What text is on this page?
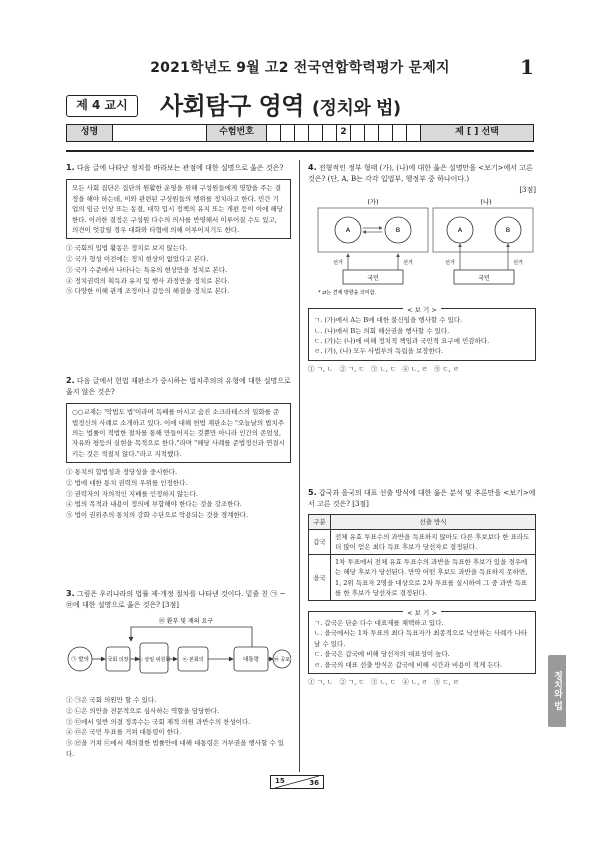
2021학년도 9월 고2 전국연합학력평가 문제지	1
제 4 교시	사회탐구 영역 (정치와 법)
성명	수험번호	2	제 [ ] 선택
1. 다음 글에 나타난 정치를 바라보는 관점에 대한 설명으로 옳은 것은?
모든 사회 집단은 집단의 원활한 운영을 위해 구성원들에게 영향을 주는 결정을 해야 하는데, 이와 관련된 구성원들의 행위를 정치라고 한다. 민간 기업의 임금 인상 또는 동결, 대학 입시 정책의 유지 또는 개편 등이 이에 해당한다. 이러한 결정은 구성원 다수의 의사를 반영해서 이루어질 수도 있고, 의견이 엇갈릴 경우 대화와 타협에 의해 이루어지기도 한다.
① 국회의 입법 활동은 정치로 보지 않는다.
② 국가 형성 이전에는 정치 현상이 없었다고 본다.
③ 국가 수준에서 나타나는 특유의 현상만을 정치로 본다.
④ 정치권력의 획득과 유지 및 행사 과정만을 정치로 본다.
⑤ 다양한 이해 관계 조정이나 갈등의 해결을 정치로 본다.
2. 다음 글에서 헌법 재판소가 중시하는 법치주의의 유형에 대한 설명으로 옳지 않은 것은?
○○교재는 '악법도 법'이라며 독배를 마시고 숨진 소크라테스의 일화를 준법정신의 사례로 소개하고 있다. 이에 대해 헌법 재판소는 "오늘날의 법치주의는 법률이 적법한 절차를 통해 만들어지는 것뿐만 아니라 인간의 존엄성, 자유와 평등의 실현을 목적으로 한다."라며 "해당 사례를 준법정신과 연결시키는 것은 적절치 않다."라고 지적했다.
① 통치의 합법성과 정당성을 중시한다.
② 법에 대한 통치 권력의 우위를 인정한다.
③ 권력자의 자의적인 지배를 인정하지 않는다.
④ 법의 목적과 내용이 정의에 부합해야 한다는 것을 강조한다.
⑤ 법이 권위주의 통치의 강화 수단으로 악용되는 것을 경계한다.
3. 그림은 우리나라의 법률 제·개정 절차를 나타낸 것이다. 밑줄 친 ㉠ ~ ㉤에 대한 설명으로 옳은 것은? [3점]
㉣ 환부 및 재의 요구
㉠ 발의	국회 의장 ㉡ 상임 위원회 ㉢ 본회의	대통령	㉤ 공포
① ㉠은 국회 의원만 할 수 있다.
② ㉡은 의안을 전문적으로 심사하는 역할을 담당한다.
③ ㉢에서 일반 의결 정족수는 국회 재적 의원 과반수의 찬성이다.
④ ㉤은 국민 투표를 거쳐 대통령이 한다.
⑤ ㉣을 거쳐 ㉢에서 재의결한 법률안에 대해 대통령은 거부권을 행사할 수 있다.
4. 전형적인 정부 형태 (가), (나)에 대한 옳은 설명만을 <보기>에서 고른 것은? (단, A, B는 각각 입법부, 행정부 중 하나이다.)
[3점]
(가)
A	B
선거	선거
국민
(나)
A	B
선거	선거
국민
* ⇄는 견제 방향을 의미함.
< 보 기 >
ㄱ. (가)에서 A는 B에 대한 불신임을 행사할 수 있다.
ㄴ. (나)에서 B는 의회 해산권을 행사할 수 있다.
ㄷ. (가)는 (나)에 비해 정치적 책임과 국민적 요구에 민감하다.
ㄹ. (가), (나) 모두 사법부의 독립을 보장한다.
① ㄱ, ㄴ   ② ㄱ, ㄷ   ③ ㄴ, ㄷ   ④ ㄴ, ㄹ   ⑤ ㄷ, ㄹ
5. 갑국과 을국의 대표 선출 방식에 대한 옳은 분석 및 추론만을 <보기>에서 고른 것은? [3점]
구분	선출 방식
갑국	전체 유효 투표수의 과반을 득표하지 않아도 다른 후보보다 한 표라도 더 많이 얻은 최다 득표 후보가 당선자로 결정된다.
을국	1차 투표에서 전체 유효 투표수의 과반을 득표한 후보가 있을 경우에는 해당 후보가 당선된다. 만약 어떤 후보도 과반을 득표하지 못하면, 1, 2위 득표자 2명을 대상으로 2차 투표를 실시하여 그 중 과반 득표를 한 후보가 당선자로 결정된다.
< 보 기 >
ㄱ. 갑국은 단순 다수 대표제를 채택하고 있다.
ㄴ. 을국에서는 1차 투표의 최다 득표자가 최종적으로 낙선하는 사례가 나타날 수 있다.
ㄷ. 을국은 갑국에 비해 당선자의 대표성이 높다.
ㄹ. 을국의 대표 선출 방식은 갑국에 비해 시간과 비용이 적게 든다.
① ㄱ, ㄴ   ② ㄱ, ㄷ   ③ ㄴ, ㄷ   ④ ㄴ, ㄹ   ⑤ ㄷ, ㄹ
15	36
정치와 법
